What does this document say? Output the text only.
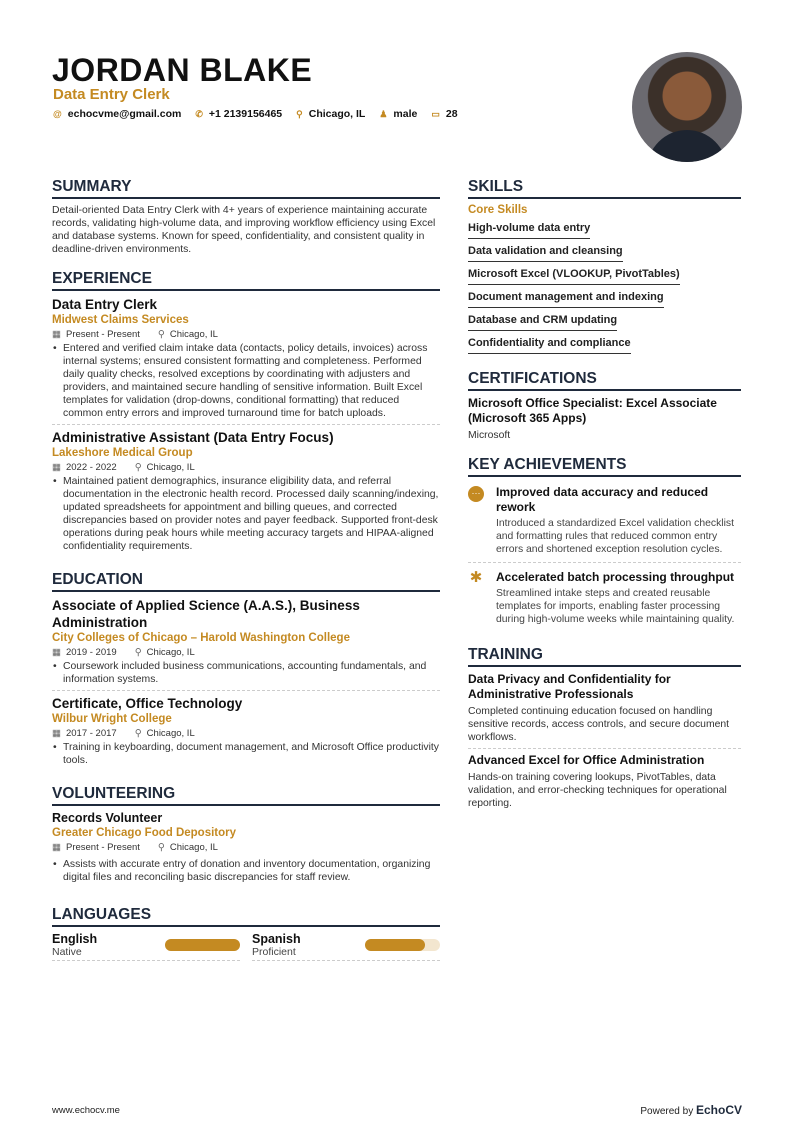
JORDAN BLAKE
Data Entry Clerk
@ echocvme@gmail.com ✆ +1 2139156465 ⚲ Chicago, IL ♟ male ▭ 28
SUMMARY

Detail-oriented Data Entry Clerk with 4+ years of experience maintaining accurate records, validating high-volume data, and improving workflow efficiency using Excel and database systems. Known for speed, confidentiality, and consistent quality in deadline-driven environments.

EXPERIENCE
Data Entry Clerk
Midwest Claims Services
▦ Present - Present ⚲ Chicago, IL
• Entered and verified claim intake data (contacts, policy details, invoices) across internal systems; ensured consistent formatting and completeness. Performed daily quality checks, resolved exceptions by coordinating with adjusters and providers, and maintained secure handling of sensitive information. Built Excel templates for validation (drop-downs, conditional formatting) that reduced common entry errors and improved turnaround time for batch uploads.
Administrative Assistant (Data Entry Focus)
Lakeshore Medical Group
▦ 2022 - 2022 ⚲ Chicago, IL
• Maintained patient demographics, insurance eligibility data, and referral documentation in the electronic health record. Processed daily scanning/indexing, updated spreadsheets for appointment and billing queues, and corrected discrepancies based on provider notes and payer feedback. Supported front-desk operations during peak hours while meeting accuracy targets and HIPAA-aligned confidentiality requirements.
EDUCATION
Associate of Applied Science (A.A.S.), Business Administration
City Colleges of Chicago – Harold Washington College
▦ 2019 - 2019 ⚲ Chicago, IL
• Coursework included business communications, accounting fundamentals, and information systems.
Certificate, Office Technology
Wilbur Wright College
▦ 2017 - 2017 ⚲ Chicago, IL
• Training in keyboarding, document management, and Microsoft Office productivity tools.
VOLUNTEERING
Records Volunteer
Greater Chicago Food Depository
▦ Present - Present ⚲ Chicago, IL
• Assists with accurate entry of donation and inventory documentation, organizing digital files and reconciling basic discrepancies for staff review.
LANGUAGES
English
Native
Spanish
Proficient
SKILLS
Core Skills
High-volume data entry
Data validation and cleansing
Microsoft Excel (VLOOKUP, PivotTables)
Document management and indexing
Database and CRM updating
Confidentiality and compliance
CERTIFICATIONS
Microsoft Office Specialist: Excel Associate (Microsoft 365 Apps)

Microsoft

KEY ACHIEVEMENTS
··· Improved data accuracy and reduced rework

Introduced a standardized Excel validation checklist and formatting rules that reduced common entry errors and shortened exception resolution cycles.

✱ Accelerated batch processing throughput

Streamlined intake steps and created reusable templates for imports, enabling faster processing during high-volume weeks while maintaining quality.

TRAINING
Data Privacy and Confidentiality for Administrative Professionals

Completed continuing education focused on handling sensitive records, access controls, and secure document workflows.

Advanced Excel for Office Administration

Hands-on training covering lookups, PivotTables, data validation, and error-checking techniques for operational reporting.

www.echocv.me	Powered by EchoCV
